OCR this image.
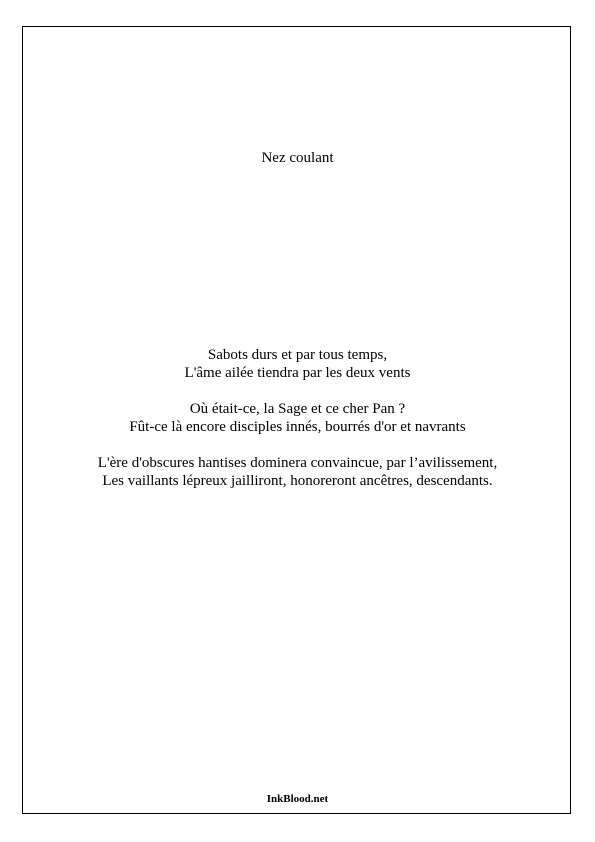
Nez coulant
Sabots durs et par tous temps,
L'âme ailée tiendra par les deux vents
Où était-ce, la Sage et ce cher Pan ?
Fût-ce là encore disciples innés, bourrés d'or et navrants
L'ère d'obscures hantises dominera convaincue, par l’avilissement,
Les vaillants lépreux jailliront, honoreront ancêtres, descendants.
InkBlood.net
